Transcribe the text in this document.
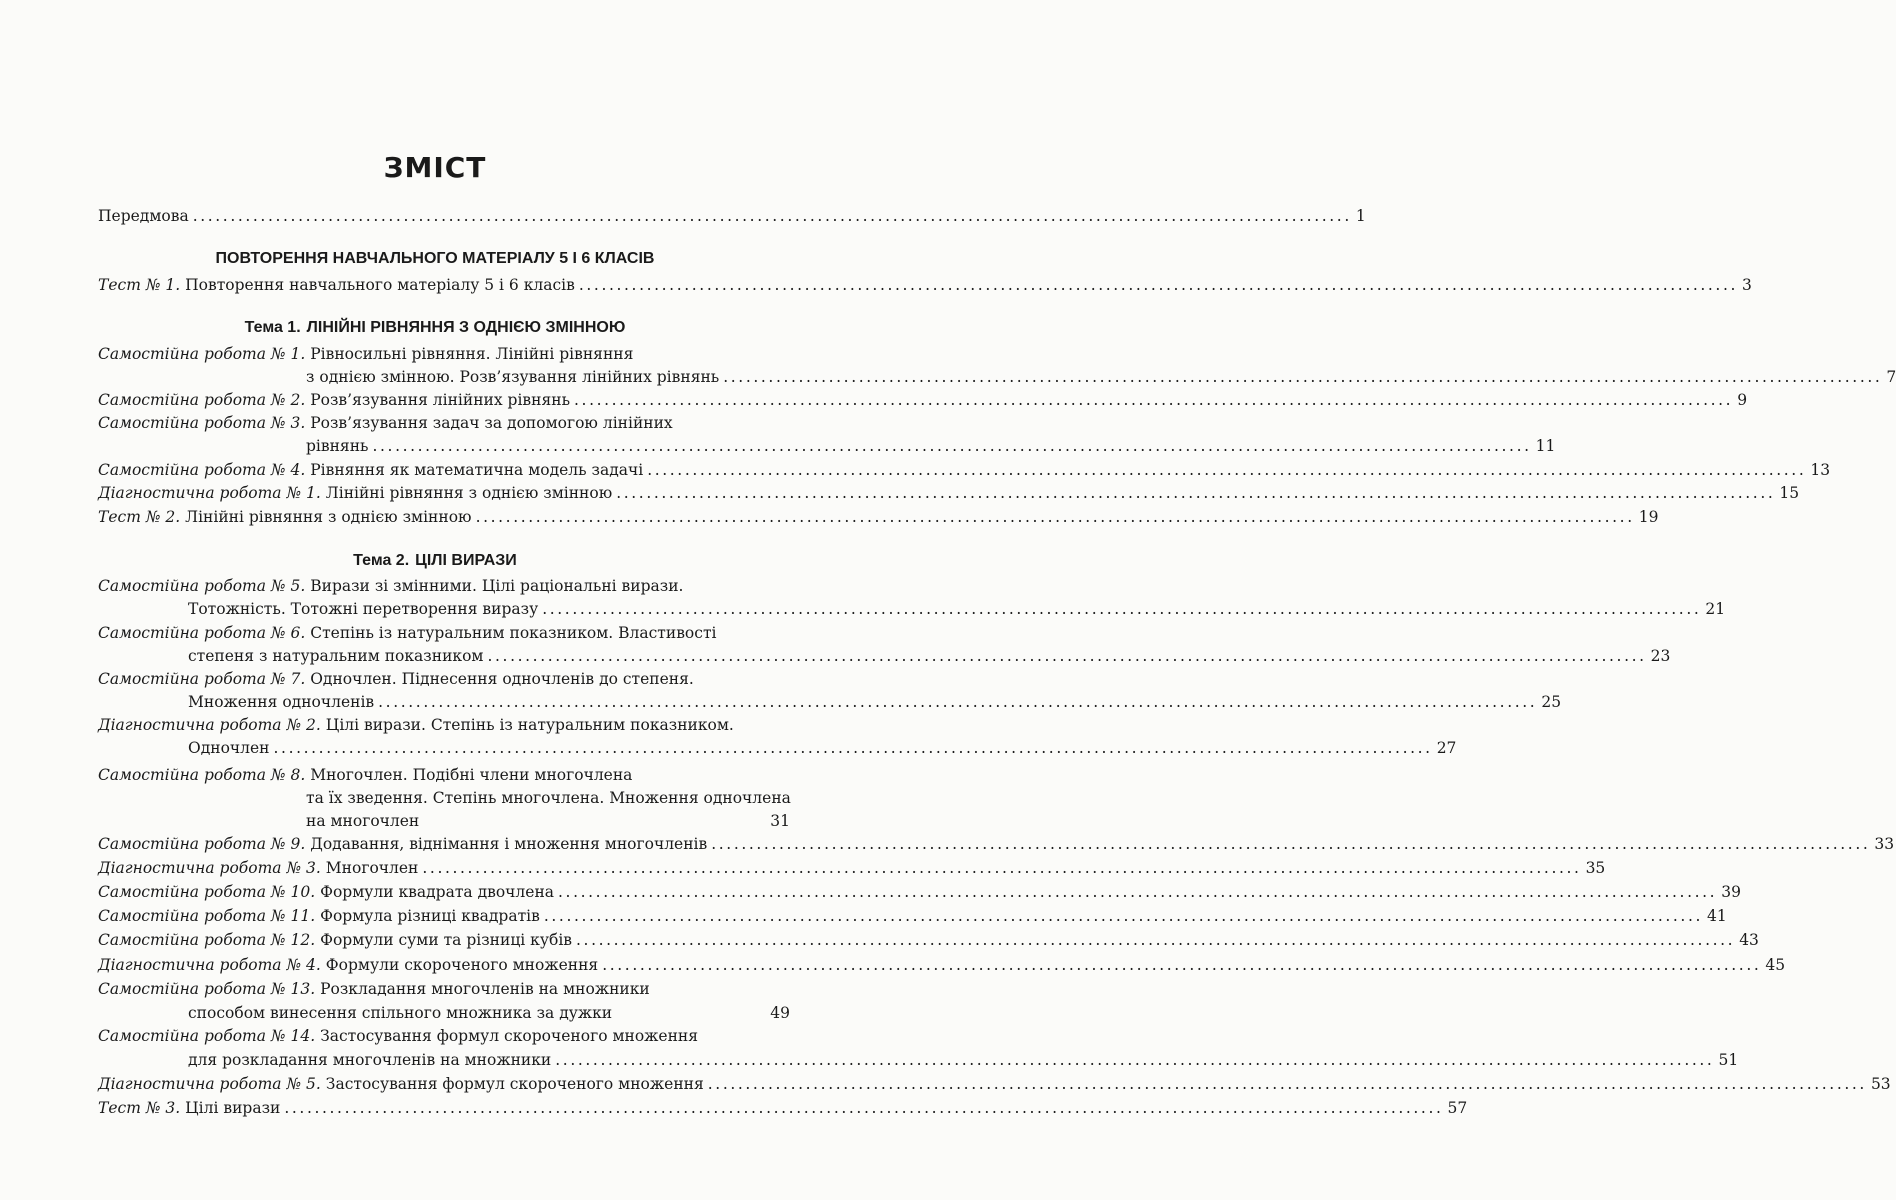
ЗМІСТ
Передмова .......................................................................................................................................................... 1
ПОВТОРЕННЯ НАВЧАЛЬНОГО МАТЕРІАЛУ 5 І 6 КЛАСІВ
Тест № 1. Повторення навчального матеріалу 5 і 6 класів .......................................................................................................................................................... 3
Тема 1. ЛІНІЙНІ РІВНЯННЯ З ОДНІЄЮ ЗМІННОЮ
Самостійна робота № 1. Рівносильні рівняння. Лінійні рівняння
з однією змінною. Розв’язування лінійних рівнянь .......................................................................................................................................................... 7
Самостійна робота № 2. Розв’язування лінійних рівнянь .......................................................................................................................................................... 9
Самостійна робота № 3. Розв’язування задач за допомогою лінійних
рівнянь .......................................................................................................................................................... 11
Самостійна робота № 4. Рівняння як математична модель задачі .......................................................................................................................................................... 13
Діагностична робота № 1. Лінійні рівняння з однією змінною .......................................................................................................................................................... 15
Тест № 2. Лінійні рівняння з однією змінною .......................................................................................................................................................... 19
Тема 2. ЦІЛІ ВИРАЗИ
Самостійна робота № 5. Вирази зі змінними. Цілі раціональні вирази.
Тотожність. Тотожні перетворення виразу .......................................................................................................................................................... 21
Самостійна робота № 6. Степінь із натуральним показником. Властивості
степеня з натуральним показником .......................................................................................................................................................... 23
Самостійна робота № 7. Одночлен. Піднесення одночленів до степеня.
Множення одночленів .......................................................................................................................................................... 25
Діагностична робота № 2. Цілі вирази. Степінь із натуральним показником.
Одночлен .......................................................................................................................................................... 27
Самостійна робота № 8. Многочлен. Подібні члени многочлена
та їх зведення. Степінь многочлена. Множення одночлена
на многочлен	31
Самостійна робота № 9. Додавання, віднімання і множення многочленів .......................................................................................................................................................... 33
Діагностична робота № 3. Многочлен .......................................................................................................................................................... 35
Самостійна робота № 10. Формули квадрата двочлена .......................................................................................................................................................... 39
Самостійна робота № 11. Формула різниці квадратів .......................................................................................................................................................... 41
Самостійна робота № 12. Формули суми та різниці кубів .......................................................................................................................................................... 43
Діагностична робота № 4. Формули скороченого множення .......................................................................................................................................................... 45
Самостійна робота № 13. Розкладання многочленів на множники
способом винесення спільного множника за дужки	49
Самостійна робота № 14. Застосування формул скороченого множення
для розкладання многочленів на множники .......................................................................................................................................................... 51
Діагностична робота № 5. Застосування формул скороченого множення .......................................................................................................................................................... 53
Тест № 3. Цілі вирази .......................................................................................................................................................... 57
